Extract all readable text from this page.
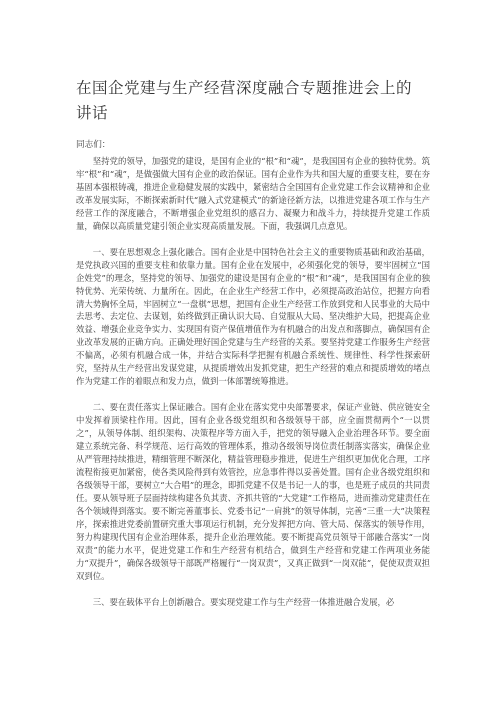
在国企党建与生产经营深度融合专题推进会上的讲话
同志们：

坚持党的领导，加强党的建设，是国有企业的“根”和“魂”，是我国国有企业的独特优势。筑牢“根”和“魂”，是做强做大国有企业的政治保证。国有企业作为共和国大厦的重要支柱，要在夯基固本强根铸魂，推进企业稳健发展的实践中，紧密结合全国国有企业党建工作会议精神和企业改革发展实际，不断探索新时代“融入式党建模式”的新途径新方法，以推进党建各项工作与生产经营工作的深度融合，不断增强企业党组织的感召力、凝聚力和战斗力，持续提升党建工作质量，确保以高质量党建引领企业实现高质量发展。下面，我强调几点意见。

一、要在思想观念上强化融合。国有企业是中国特色社会主义的重要物质基础和政治基础，是党执政兴国的重要支柱和依靠力量。国有企业在发展中，必须强化党的领导，要牢固树立“国企姓党”的理念，坚持党的领导、加强党的建设是国有企业的“根”和“魂”，是我国国有企业的独特优势、光荣传统、力量所在。因此，在企业生产经营工作中，必须提高政治站位，把握方向看清大势胸怀全局，牢固树立“一盘棋”思想，把国有企业生产经营工作放到党和人民事业的大局中去思考、去定位、去谋划，始终做到正确认识大局、自觉服从大局、坚决维护大局，把提高企业效益、增强企业竞争实力、实现国有资产保值增值作为有机融合的出发点和落脚点，确保国有企业改革发展的正确方向。正确处理好国企党建与生产经营的关系。要坚持党建工作服务生产经营不偏离，必须有机融合成一体，并结合实际科学把握有机融合系统性、规律性、科学性探索研究，坚持从生产经营出发谋党建，从提质增效出发抓党建，把生产经营的难点和提质增效的堵点作为党建工作的着眼点和发力点，做到一体部署统筹推进。

二、要在责任落实上保证融合。国有企业在落实党中央部署要求，保证产业链、供应链安全中发挥着顶梁柱作用。因此，国有企业各级党组织和各级领导干部，应全面贯彻两个“一以贯之”，从领导体制、组织架构、决策程序等方面入手，把党的领导融入企业治理各环节。要全面建立系统完备、科学规范、运行高效的管理体系，推动各级领导岗位责任制落实落实，确保企业从严管理持续推进，精细管理不断深化，精益管理稳步推进，促进生产组织更加优化合理，工序流程衔接更加紧密，使各类风险得到有效管控，应急事件得以妥善处置。国有企业各级党组织和各级领导干部，要树立“大合唱”的理念，即抓党建不仅是书记一人的事，也是班子成员的共同责任。要从领导班子层面持续构建各负其责、齐抓共管的“大党建”工作格局，进而推动党建责任在各个领域得到落实。要不断完善董事长、党委书记“一肩挑”的领导体制，完善“三重一大”决策程序，探索推进党委前置研究重大事项运行机制，充分发挥把方向、管大局、保落实的领导作用，努力构建现代国有企业治理体系，提升企业治理效能。要不断提高党员领导干部融合落实“一岗双责”的能力水平，促进党建工作和生产经营有机结合，做到生产经营和党建工作两项业务能力“双提升”，确保各级领导干部既严格履行“一岗双责”，又真正做到“一岗双能”，促使双责双担双到位。

三、要在载体平台上创新融合。要实现党建工作与生产经营一体推进融合发展，必
